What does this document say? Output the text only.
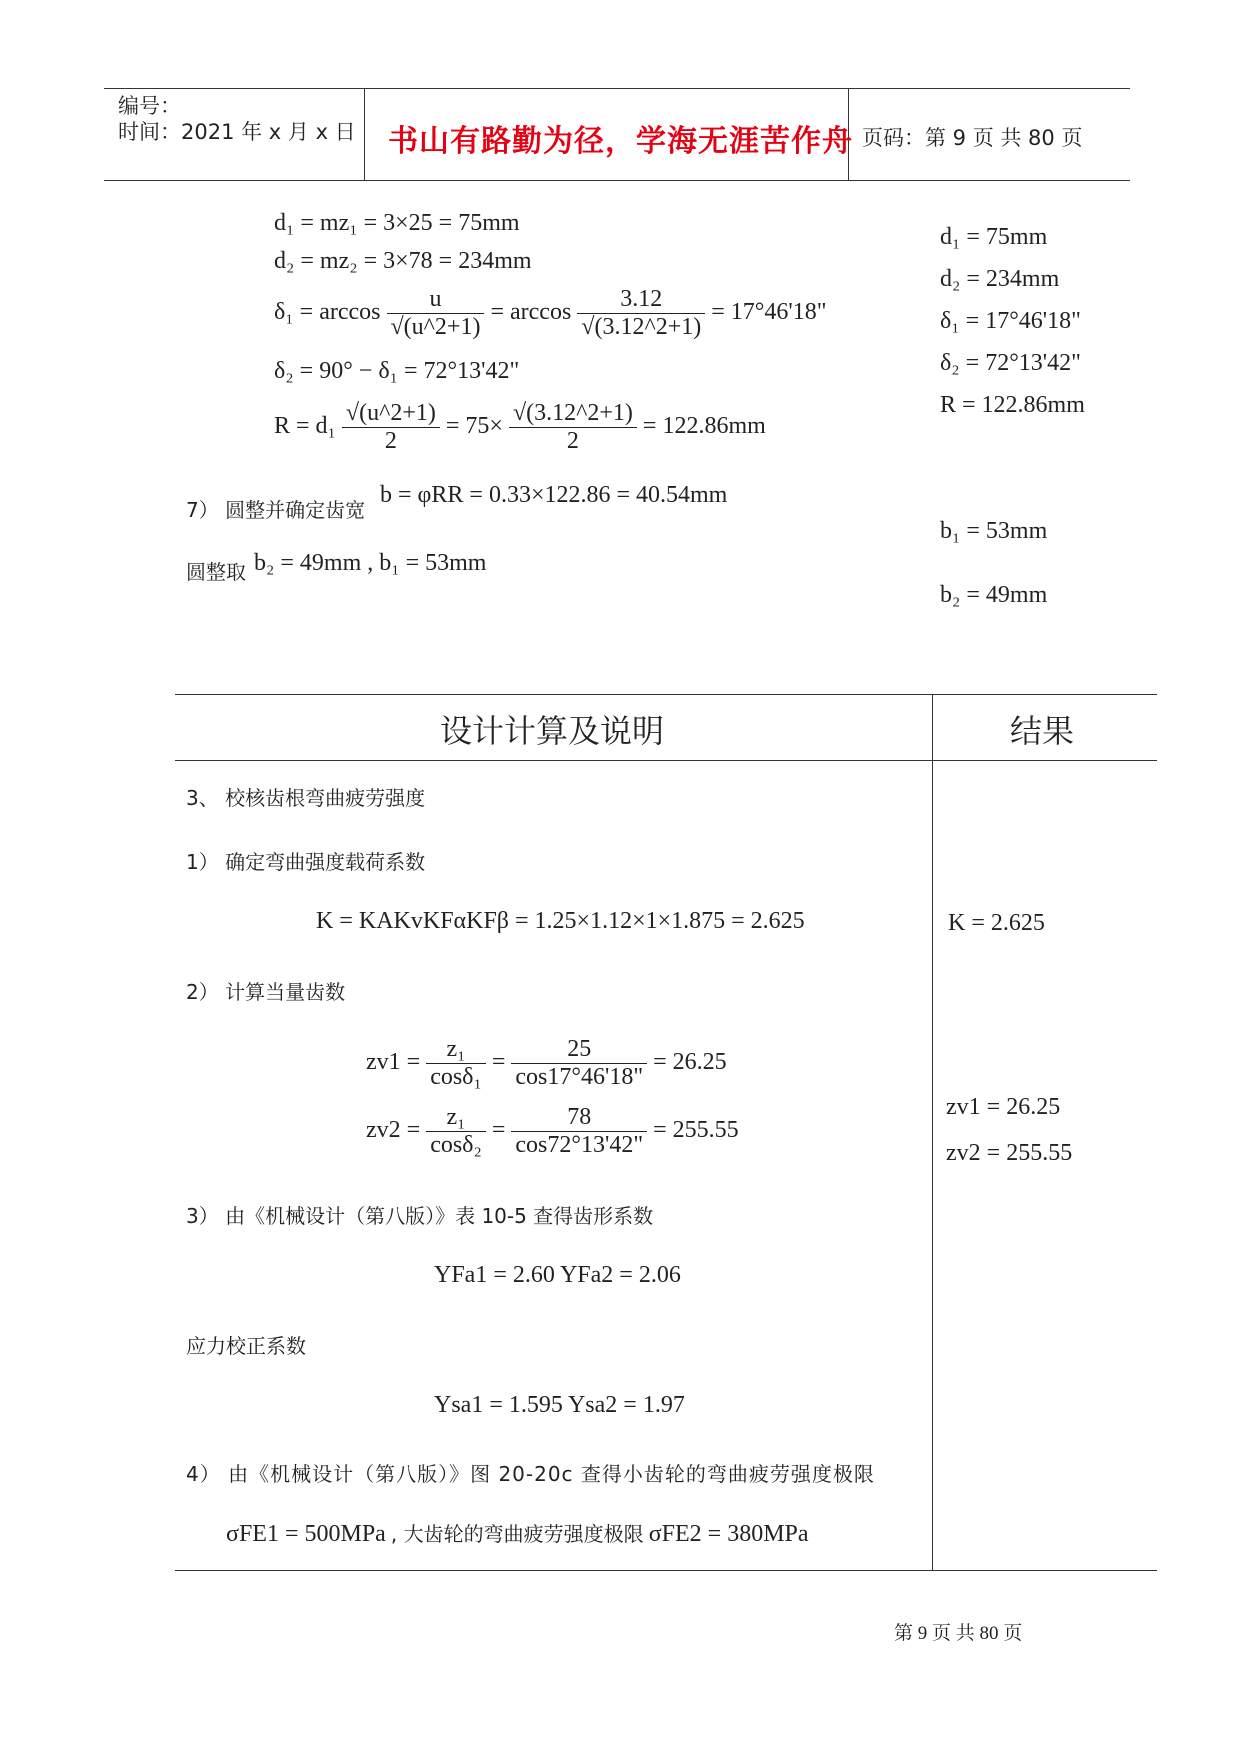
编号：
时间：2021 年 x 月 x 日 书山有路勤为径，学海无涯苦作舟 页码：第 9 页 共 80 页
d₁ = mz₁ = 3×25 = 75mm
d₂ = mz₂ = 3×78 = 234mm
$\delta_1 = \arccos \frac{u}{√(u\^{}2+1)} = \arccos \frac{3.12}{√(3.12\^{}2+1)} = 17^\circ 46'18$"
δ₂ = 90° − δ₁ = 72°13'42"
$R = d_1 \frac{√(u\^{}2+1)}{2} = 75\times \frac{√(3.12\^{}2+1)}{2} = 122.86mm$
7） 圆整并确定齿宽
b = φRR = 0.33×122.86 = 40.54mm
圆整取 b₂ = 49mm , b₁ = 53mm
d₁ = 75mm
d₂ = 234mm
δ₁ = 17°46'18"
δ₂ = 72°13'42"
R = 122.86mm
b₁ = 53mm
b₂ = 49mm
设计计算及说明	结果
3、 校核齿根弯曲疲劳强度
1） 确定弯曲强度载荷系数
K = KAKvKFαKFβ = 1.25×1.12×1×1.875 = 2.625	K = 2.625
2） 计算当量齿数
$zv1 = \frac{\text{z₁}}{\text{cosδ₁}} = \frac{25}{\cos 17^\circ 46'18"} = 26.25$
$zv2 = \frac{\text{z₁}}{\text{cosδ₂}} = \frac{78}{\cos 72^\circ 13'42"} = 255.55$
zv1 = 26.25
zv2 = 255.55
3） 由《机械设计（第八版）》表 10-5 查得齿形系数
YFa1 = 2.60 YFa2 = 2.06
应力校正系数
Ysa1 = 1.595 Ysa2 = 1.97
4） 由《机械设计（第八版）》图 20-20c 查得小齿轮的弯曲疲劳强度极限
σFE1 = 500MPa , 大齿轮的弯曲疲劳强度极限 σFE2 = 380MPa
第 9 页 共 80 页
